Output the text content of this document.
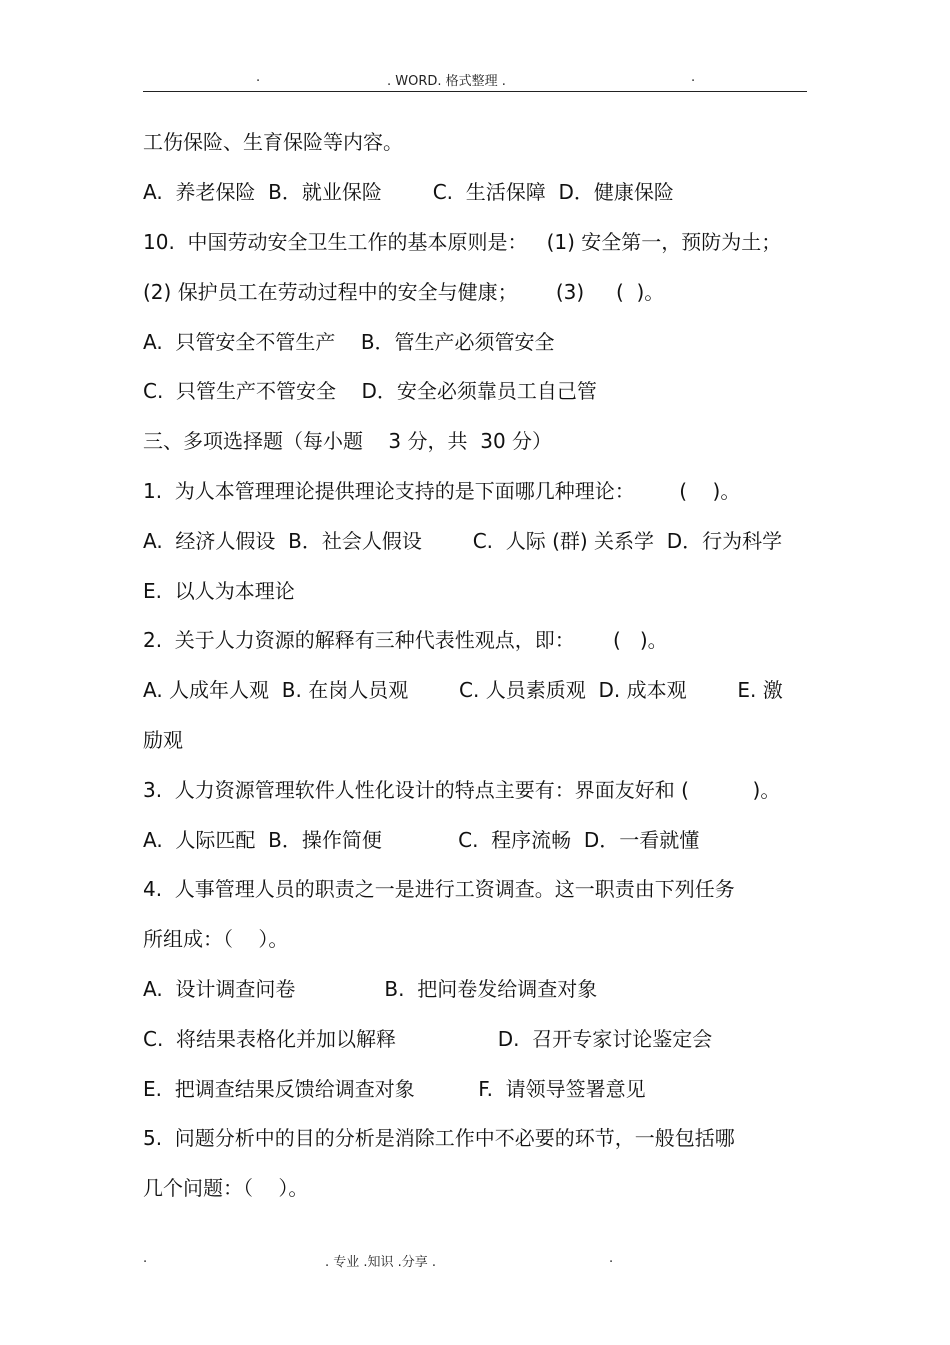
.	. WORD. 格式整理 .	.
工伤保险、生育保险等内容。
A.  养老保险  B．就业保险        C.  生活保障  D．健康保险
10.  中国劳动安全卫生工作的基本原则是：   (1) 安全第一，预防为土；
(2) 保护员工在劳动过程中的安全与健康；      (3)     (  )。
A.  只管安全不管生产    B．管生产必须管安全
C.  只管生产不管安全    D．安全必须靠员工自己管
三、多项选择题（每小题    3 分，共  30 分）
1.  为人本管理理论提供理论支持的是下面哪几种理论：       (    )。
A.  经济人假设  B．社会人假设        C.  人际 (群) 关系学  D．行为科学
E.  以人为本理论
2.  关于人力资源的解释有三种代表性观点，即：      (   )。
A. 人成年人观  B. 在岗人员观        C. 人员素质观  D. 成本观        E. 激
励观
3.  人力资源管理软件人性化设计的特点主要有：界面友好和 (          )。
A.  人际匹配  B．操作简便            C.  程序流畅  D．一看就懂
4.  人事管理人员的职责之一是进行工资调查。这一职责由下列任务
所组成：（    ）。
A.  设计调查问卷              B.  把问卷发给调查对象
C.  将结果表格化并加以解释                D.  召开专家讨论鉴定会
E.  把调查结果反馈给调查对象          F.  请领导签署意见
5.  问题分析中的目的分析是消除工作中不必要的环节，一般包括哪
几个问题：（    ）。
.	. 专业 .知识 .分享 .	.
